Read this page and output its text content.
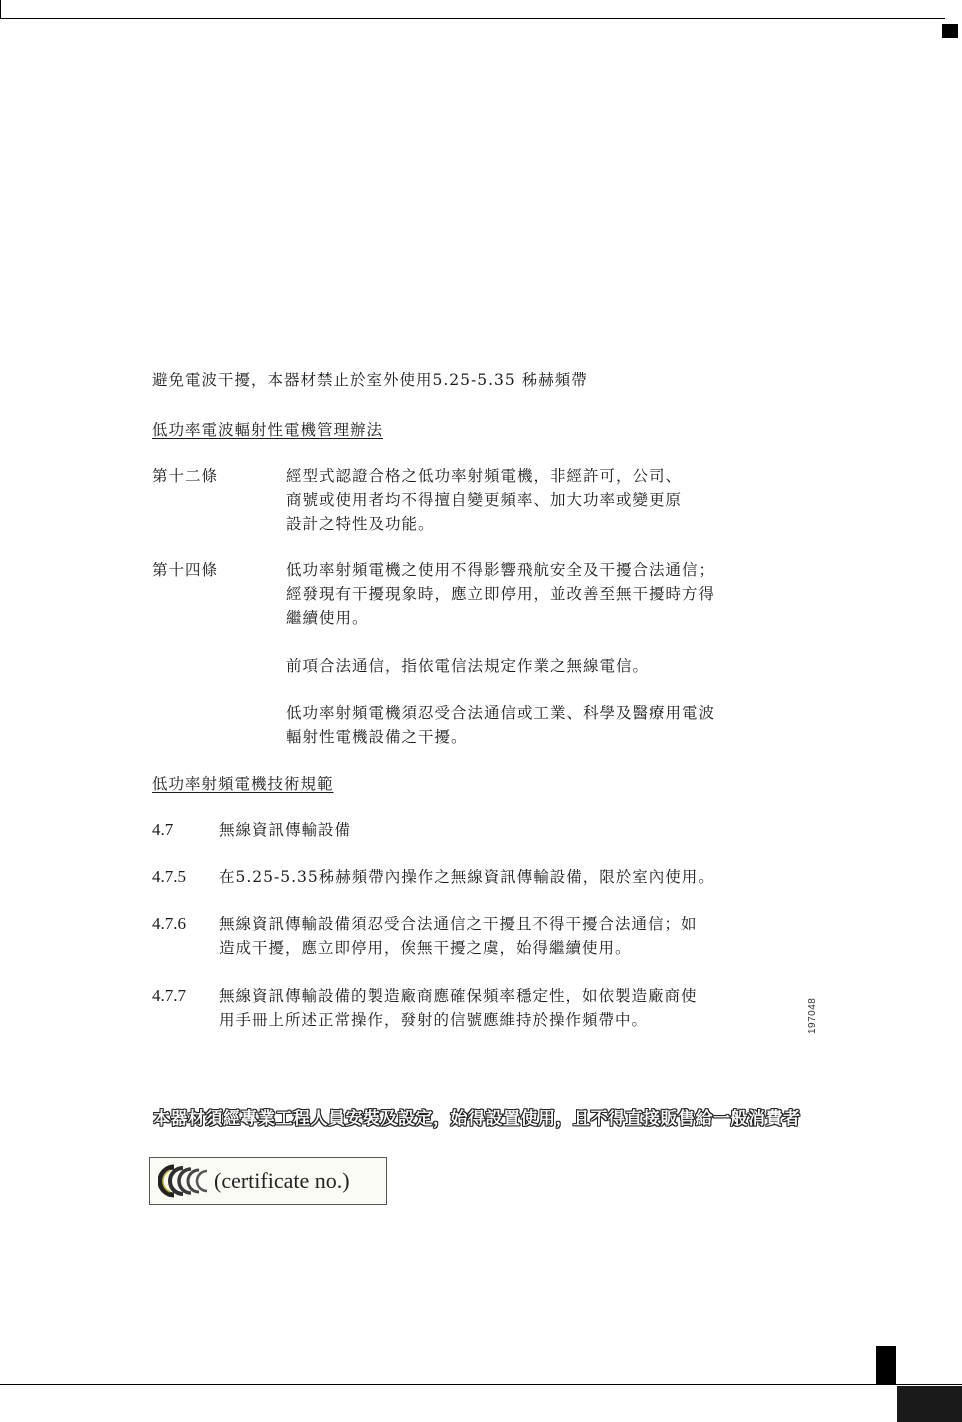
避免電波干擾，本器材禁止於室外使用5.25-5.35 秭赫頻帶
低功率電波輻射性電機管理辦法
第十二條	經型式認證合格之低功率射頻電機，非經許可，公司、
商號或使用者均不得擅自變更頻率、加大功率或變更原
設計之特性及功能。
第十四條	低功率射頻電機之使用不得影響飛航安全及干擾合法通信；
經發現有干擾現象時，應立即停用，並改善至無干擾時方得
繼續使用。
前項合法通信，指依電信法規定作業之無線電信。
低功率射頻電機須忍受合法通信或工業、科學及醫療用電波
輻射性電機設備之干擾。
低功率射頻電機技術規範
4.7	無線資訊傳輸設備
4.7.5 在5.25-5.35秭赫頻帶內操作之無線資訊傳輸設備，限於室內使用。
4.7.6 無線資訊傳輸設備須忍受合法通信之干擾且不得干擾合法通信；如
造成干擾，應立即停用，俟無干擾之虞，始得繼續使用。
4.7.7 無線資訊傳輸設備的製造廠商應確保頻率穩定性，如依製造廠商使
用手冊上所述正常操作，發射的信號應維持於操作頻帶中。	197048
本器材須經專業工程人員安裝及設定，始得設置使用，且不得直接販售給一般消費者
(certificate no.)
